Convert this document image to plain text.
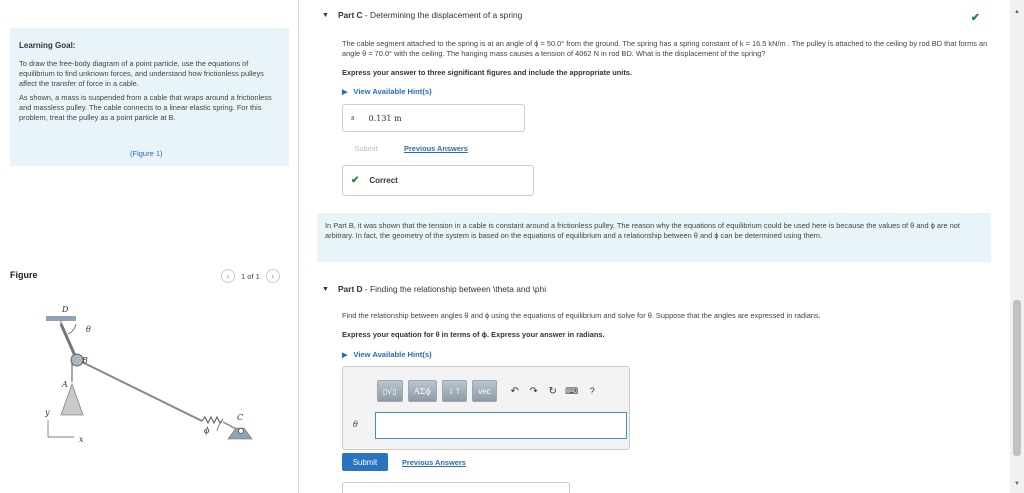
Learning Goal:
To draw the free-body diagram of a point particle, use the equations of equilibrium to find unknown forces, and understand how frictionless pulleys affect the transfer of force in a cable.
As shown, a mass is suspended from a cable that wraps around a frictionless and massless pulley. The cable connects to a linear elastic spring. For this problem, treat the pulley as a point particle at B.
(Figure 1)
Figure	‹	1 of 1	›
D
θ
B
A
y
x
C
ϕ
▼ Part C - Determining the displacement of a spring	✔
The cable segment attached to the spring is at an angle of ϕ = 50.0° from the ground. The spring has a spring constant of k = 16.5 kN/m . The pulley is attached to the ceiling by rod BD that forms an angle θ = 70.0° with the ceiling. The hanging mass causes a tension of 4062 N in rod BD. What is the displacement of the spring?
Express your answer to three significant figures and include the appropriate units.
▶ View Available Hint(s)
s 0.131 m
Submit	Previous Answers
✔ Correct
In Part B, it was shown that the tension in a cable is constant around a frictionless pulley. The reason why the equations of equilibrium could be used here is because the values of θ and ϕ are not arbitrary. In fact, the geometry of the system is based on the equations of equilibrium and a relationship between θ and ϕ can be determined using them.
▼ Part D - Finding the relationship between \theta and \phi
Find the relationship between angles θ and ϕ using the equations of equilibrium and solve for θ. Suppose that the angles are expressed in radians.
Express your equation for θ in terms of ϕ. Express your answer in radians.
▶ View Available Hint(s)
▯√▯	ΑΣϕ	↓↑	vec	↶ ↷ ↻ ⌨ ?
θ
Submit	Previous Answers
▲
▼
